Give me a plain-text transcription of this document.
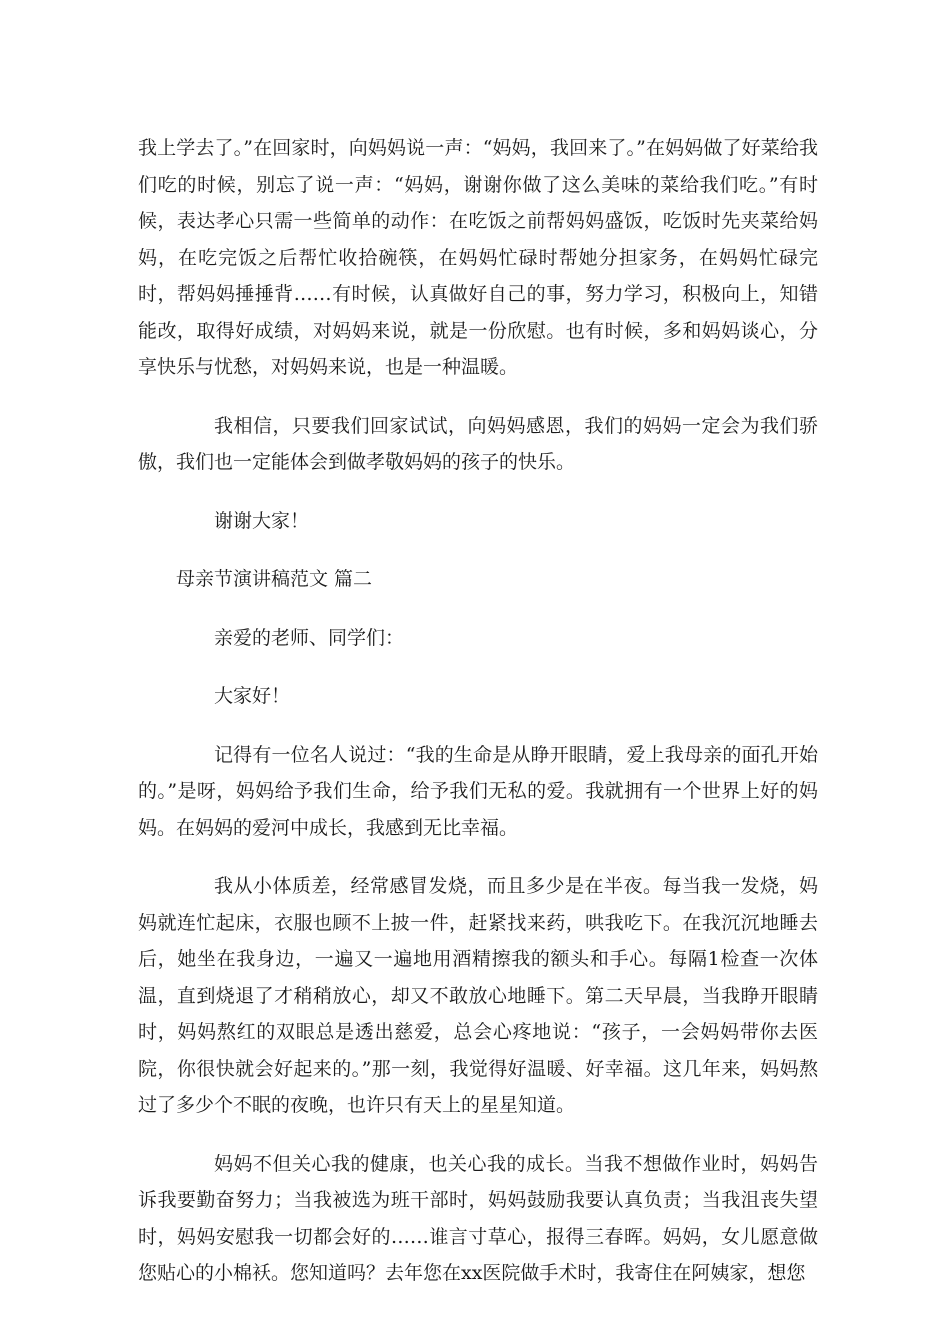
我上学去了。”在回家时，向妈妈说一声：“妈妈，我回来了。”在妈妈做了好菜给我们吃的时候，别忘了说一声：“妈妈，谢谢你做了这么美味的菜给我们吃。”有时候，表达孝心只需一些简单的动作：在吃饭之前帮妈妈盛饭，吃饭时先夹菜给妈妈，在吃完饭之后帮忙收拾碗筷，在妈妈忙碌时帮她分担家务，在妈妈忙碌完时，帮妈妈捶捶背……有时候，认真做好自己的事，努力学习，积极向上，知错能改，取得好成绩，对妈妈来说，就是一份欣慰。也有时候，多和妈妈谈心，分享快乐与忧愁，对妈妈来说，也是一种温暖。

我相信，只要我们回家试试，向妈妈感恩，我们的妈妈一定会为我们骄傲，我们也一定能体会到做孝敬妈妈的孩子的快乐。

谢谢大家！

母亲节演讲稿范文 篇二

亲爱的老师、同学们：

大家好！

记得有一位名人说过：“我的生命是从睁开眼睛，爱上我母亲的面孔开始的。”是呀，妈妈给予我们生命，给予我们无私的爱。我就拥有一个世界上好的妈妈。在妈妈的爱河中成长，我感到无比幸福。

我从小体质差，经常感冒发烧，而且多少是在半夜。每当我一发烧，妈妈就连忙起床，衣服也顾不上披一件，赶紧找来药，哄我吃下。在我沉沉地睡去后，她坐在我身边，一遍又一遍地用酒精擦我的额头和手心。每隔1检查一次体温，直到烧退了才稍稍放心，却又不敢放心地睡下。第二天早晨，当我睁开眼睛时，妈妈熬红的双眼总是透出慈爱，总会心疼地说：“孩子，一会妈妈带你去医院，你很快就会好起来的。”那一刻，我觉得好温暖、好幸福。这几年来，妈妈熬过了多少个不眠的夜晚，也许只有天上的星星知道。

妈妈不但关心我的健康，也关心我的成长。当我不想做作业时，妈妈告诉我要勤奋努力；当我被选为班干部时，妈妈鼓励我要认真负责；当我沮丧失望时，妈妈安慰我一切都会好的……谁言寸草心，报得三春晖。妈妈，女儿愿意做您贴心的小棉袄。您知道吗？去年您在xx医院做手术时，我寄住在阿姨家，想您
